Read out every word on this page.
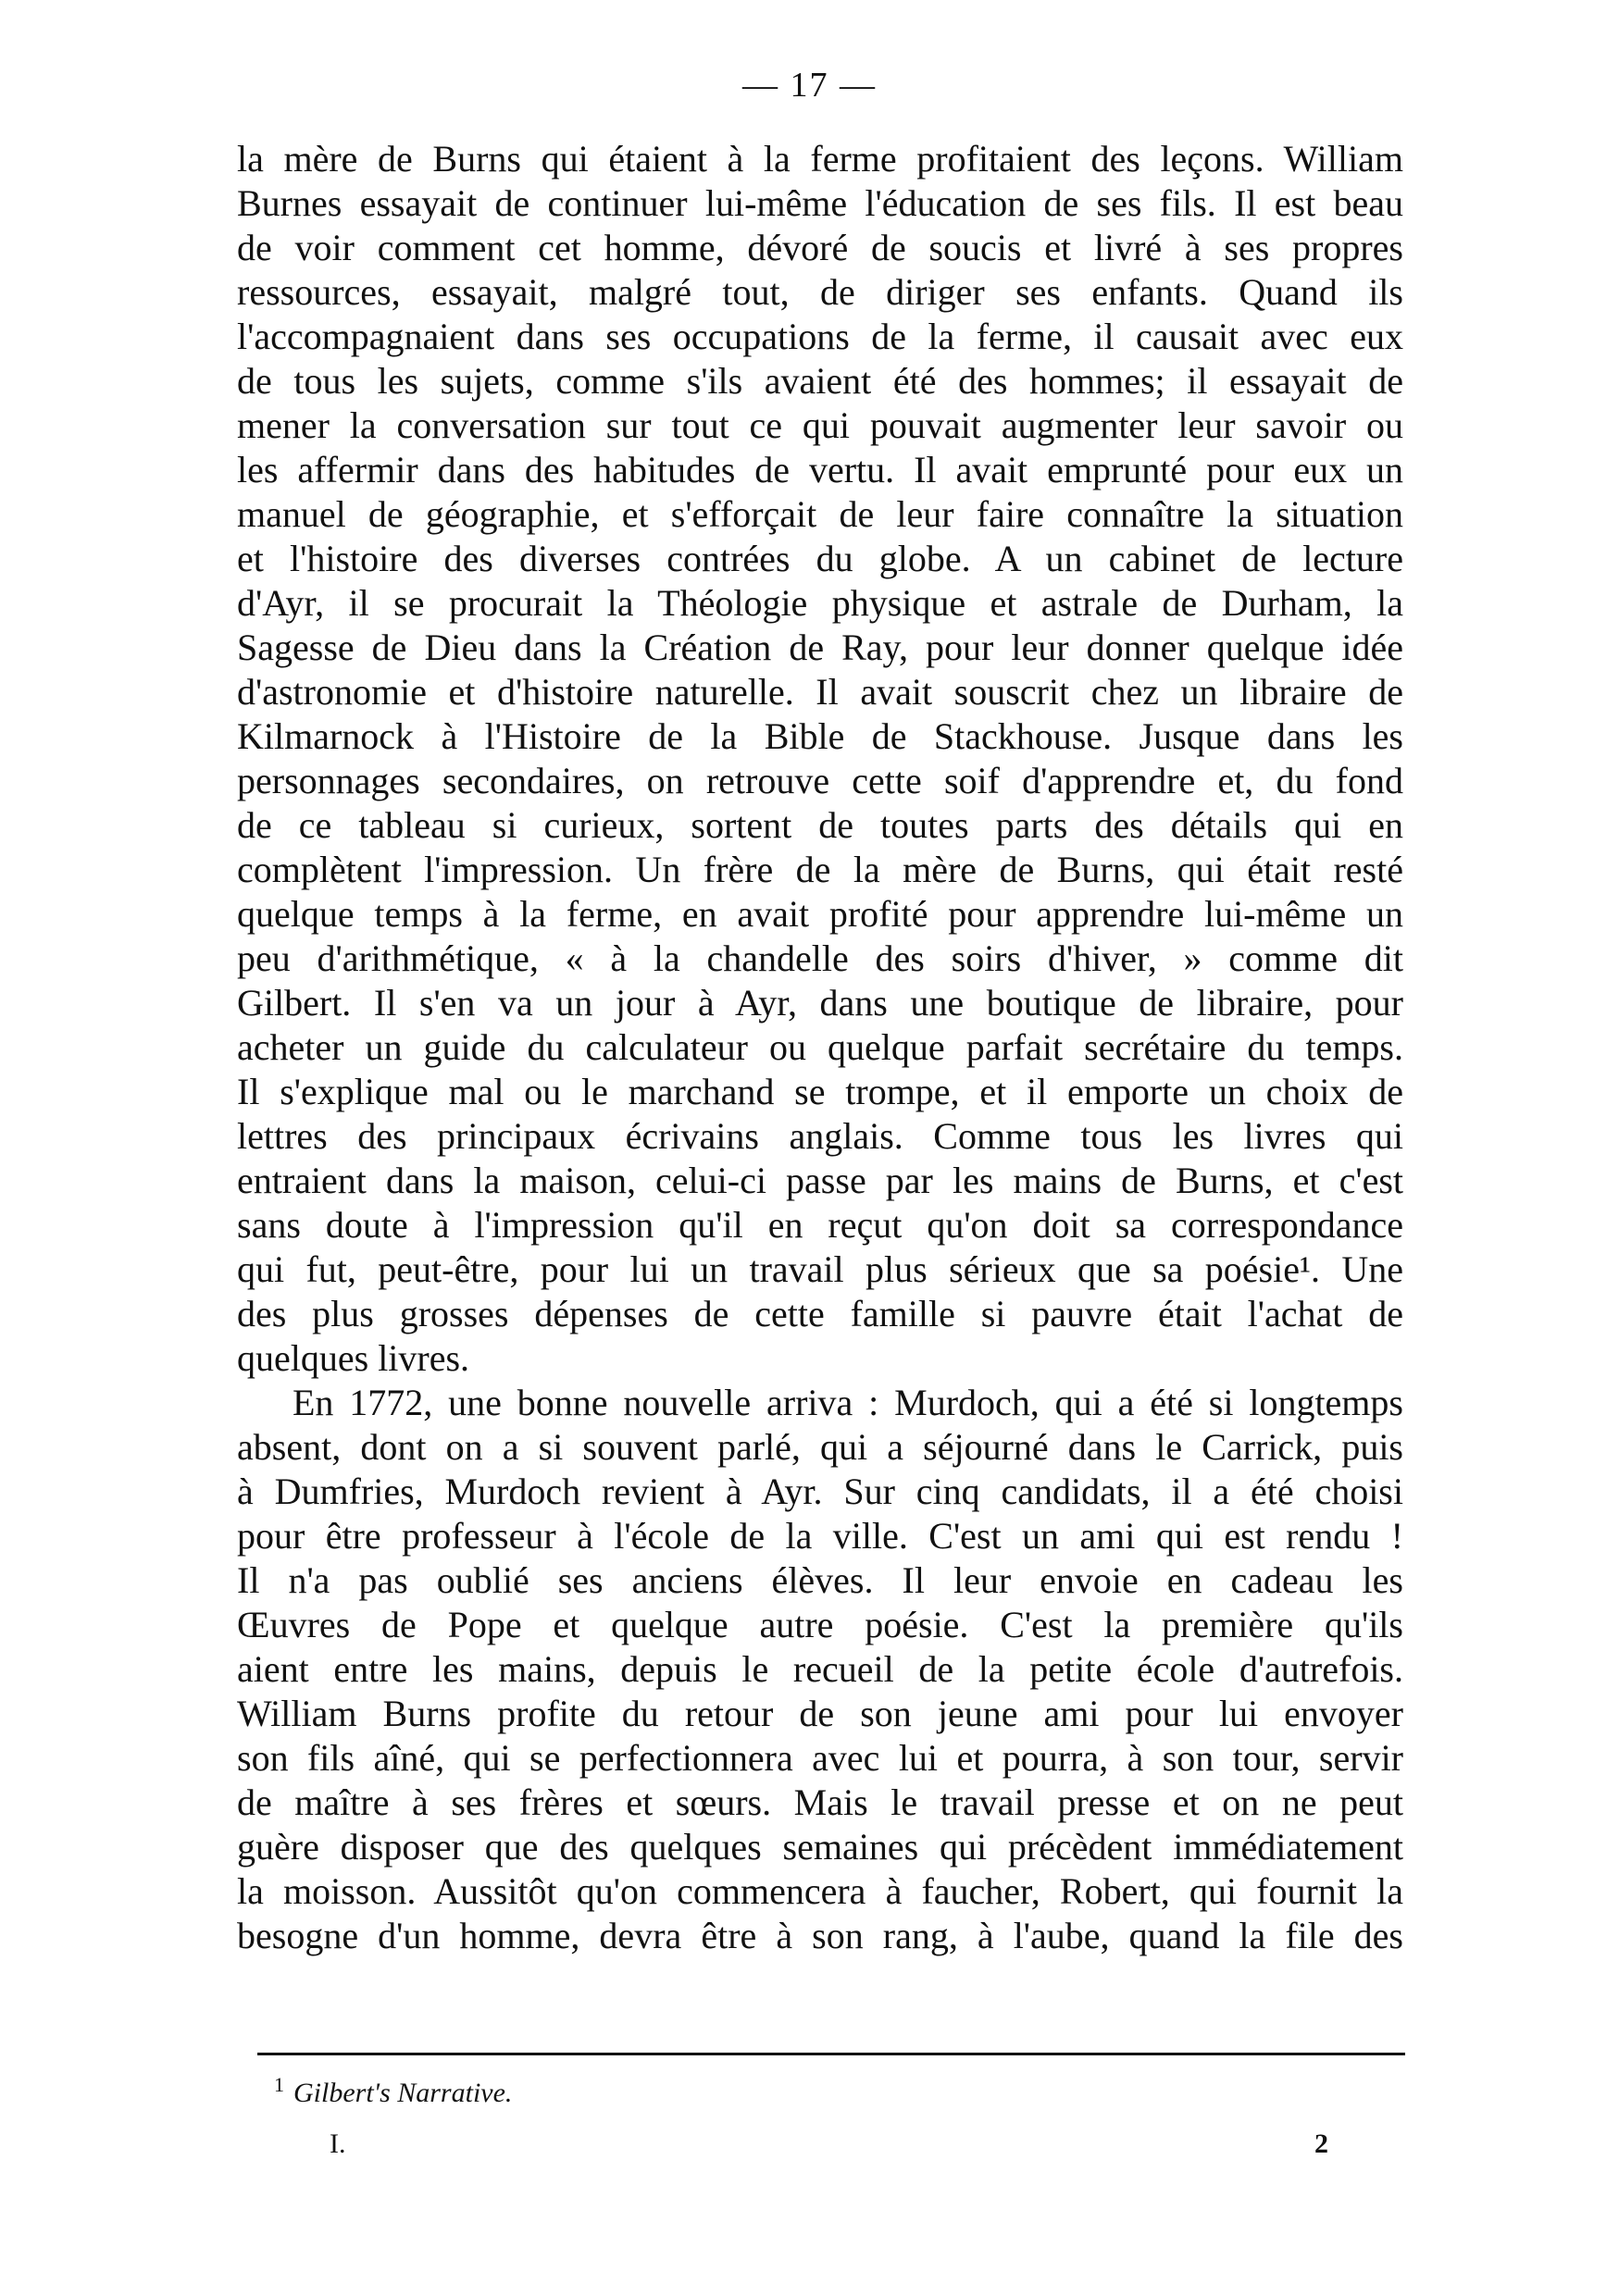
— 17 —
la mère de Burns qui étaient à la ferme profitaient des leçons. William
Burnes essayait de continuer lui-même l'éducation de ses fils. Il est beau
de voir comment cet homme, dévoré de soucis et livré à ses propres
ressources, essayait, malgré tout, de diriger ses enfants. Quand ils
l'accompagnaient dans ses occupations de la ferme, il causait avec eux
de tous les sujets, comme s'ils avaient été des hommes; il essayait de
mener la conversation sur tout ce qui pouvait augmenter leur savoir ou
les affermir dans des habitudes de vertu. Il avait emprunté pour eux un
manuel de géographie, et s'efforçait de leur faire connaître la situation
et l'histoire des diverses contrées du globe. A un cabinet de lecture
d'Ayr, il se procurait la Théologie physique et astrale de Durham, la
Sagesse de Dieu dans la Création de Ray, pour leur donner quelque idée
d'astronomie et d'histoire naturelle. Il avait souscrit chez un libraire de
Kilmarnock à l'Histoire de la Bible de Stackhouse. Jusque dans les
personnages secondaires, on retrouve cette soif d'apprendre et, du fond
de ce tableau si curieux, sortent de toutes parts des détails qui en
complètent l'impression. Un frère de la mère de Burns, qui était resté
quelque temps à la ferme, en avait profité pour apprendre lui-même un
peu d'arithmétique, « à la chandelle des soirs d'hiver, » comme dit
Gilbert. Il s'en va un jour à Ayr, dans une boutique de libraire, pour
acheter un guide du calculateur ou quelque parfait secrétaire du temps.
Il s'explique mal ou le marchand se trompe, et il emporte un choix de
lettres des principaux écrivains anglais. Comme tous les livres qui
entraient dans la maison, celui-ci passe par les mains de Burns, et c'est
sans doute à l'impression qu'il en reçut qu'on doit sa correspondance
qui fut, peut-être, pour lui un travail plus sérieux que sa poésie¹. Une
des plus grosses dépenses de cette famille si pauvre était l'achat de
quelques livres.
En 1772, une bonne nouvelle arriva : Murdoch, qui a été si longtemps
absent, dont on a si souvent parlé, qui a séjourné dans le Carrick, puis
à Dumfries, Murdoch revient à Ayr. Sur cinq candidats, il a été choisi
pour être professeur à l'école de la ville. C'est un ami qui est rendu !
Il n'a pas oublié ses anciens élèves. Il leur envoie en cadeau les
Œuvres de Pope et quelque autre poésie. C'est la première qu'ils
aient entre les mains, depuis le recueil de la petite école d'autrefois.
William Burns profite du retour de son jeune ami pour lui envoyer
son fils aîné, qui se perfectionnera avec lui et pourra, à son tour, servir
de maître à ses frères et sœurs. Mais le travail presse et on ne peut
guère disposer que des quelques semaines qui précèdent immédiatement
la moisson. Aussitôt qu'on commencera à faucher, Robert, qui fournit la
besogne d'un homme, devra être à son rang, à l'aube, quand la file des
$^1$ Gilbert's Narrative.
I.	2
